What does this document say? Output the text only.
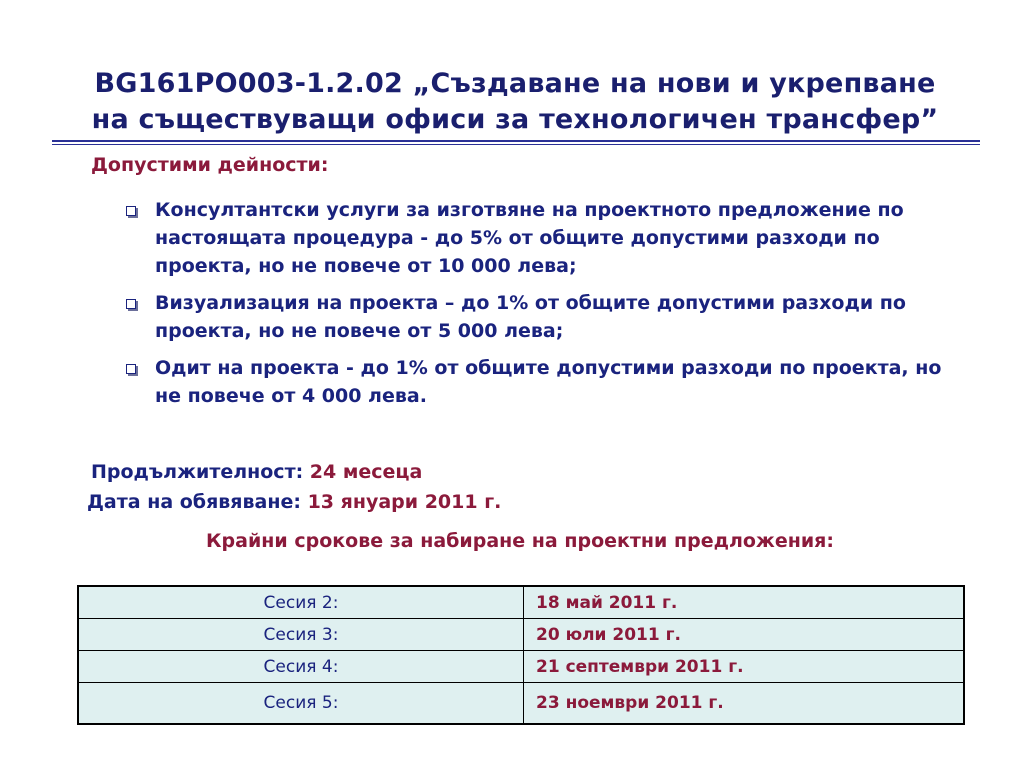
BG161PO003-1.2.02 „Създаване на нови и укрепване
на съществуващи офиси за технологичен трансфер”
Допустими дейности:
Консултантски услуги за изготвяне на проектното предложение по настоящата процедура - до 5% от общите допустими разходи по проекта, но не повече от 10 000 лева;
Визуализация на проекта – до 1% от общите допустими разходи по проекта, но не повече от 5 000 лева;
Одит на проекта - до 1% от общите допустими разходи по проекта, но не повече от 4 000 лева.
Продължителност: 24 месеца
Дата на обявяване: 13 януари 2011 г.
Крайни срокове за набиране на проектни предложения:
Сесия 2:	18 май 2011 г.
Сесия 3:	20 юли 2011 г.
Сесия 4:	21 септември 2011 г.
Сесия 5:	23 ноември 2011 г.
